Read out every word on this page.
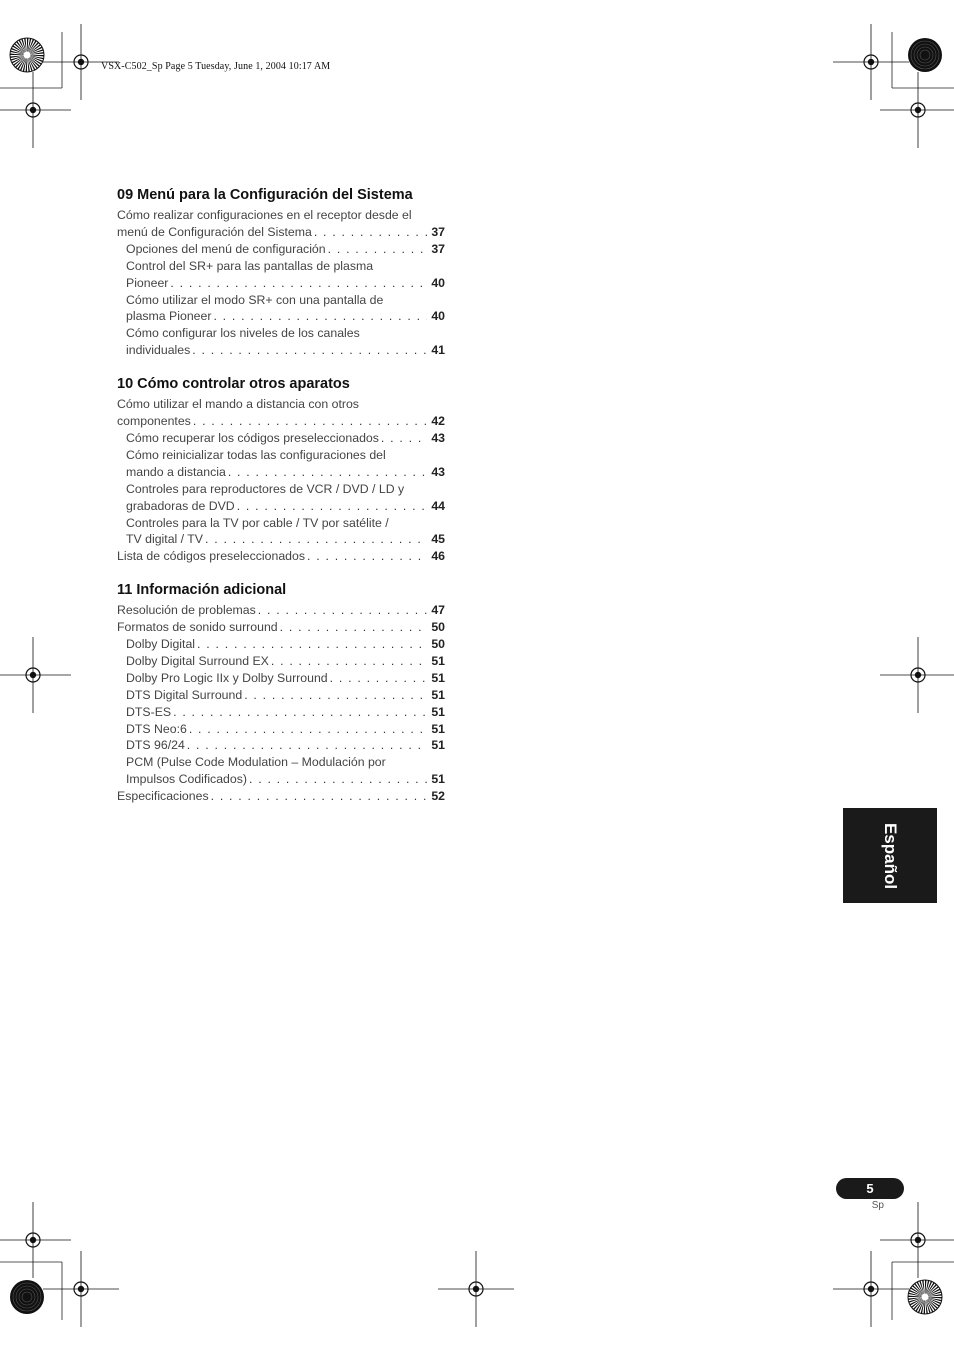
VSX-C502_Sp Page 5 Tuesday, June 1, 2004 10:17 AM
09 Menú para la Configuración del Sistema
Cómo realizar configuraciones en el receptor desde el
menú de Configuración del Sistema . . .	37
Opciones del menú de configuración . . .	37
Control del SR+ para las pantallas de plasma
Pioneer . . .	40
Cómo utilizar el modo SR+ con una pantalla de
plasma Pioneer . . .	40
Cómo configurar los niveles de los canales
individuales . . .	41
10 Cómo controlar otros aparatos
Cómo utilizar el mando a distancia con otros
componentes . . .	42
Cómo recuperar los códigos preseleccionados . . .	43
Cómo reinicializar todas las configuraciones del
mando a distancia . . .	43
Controles para reproductores de VCR / DVD / LD y
grabadoras de DVD . . .	44
Controles para la TV por cable / TV por satélite /
TV digital / TV . . .	45
Lista de códigos preseleccionados . . .	46
11 Información adicional
Resolución de problemas . . .	47
Formatos de sonido surround . . .	50
Dolby Digital . . .	50
Dolby Digital Surround EX . . .	51
Dolby Pro Logic IIx y Dolby Surround . . .	51
DTS Digital Surround . . .	51
DTS-ES . . .	51
DTS Neo:6 . . .	51
DTS 96/24 . . .	51
PCM (Pulse Code Modulation – Modulación por
Impulsos Codificados) . . .	51
Especificaciones . . .	52
Español
5
Sp
